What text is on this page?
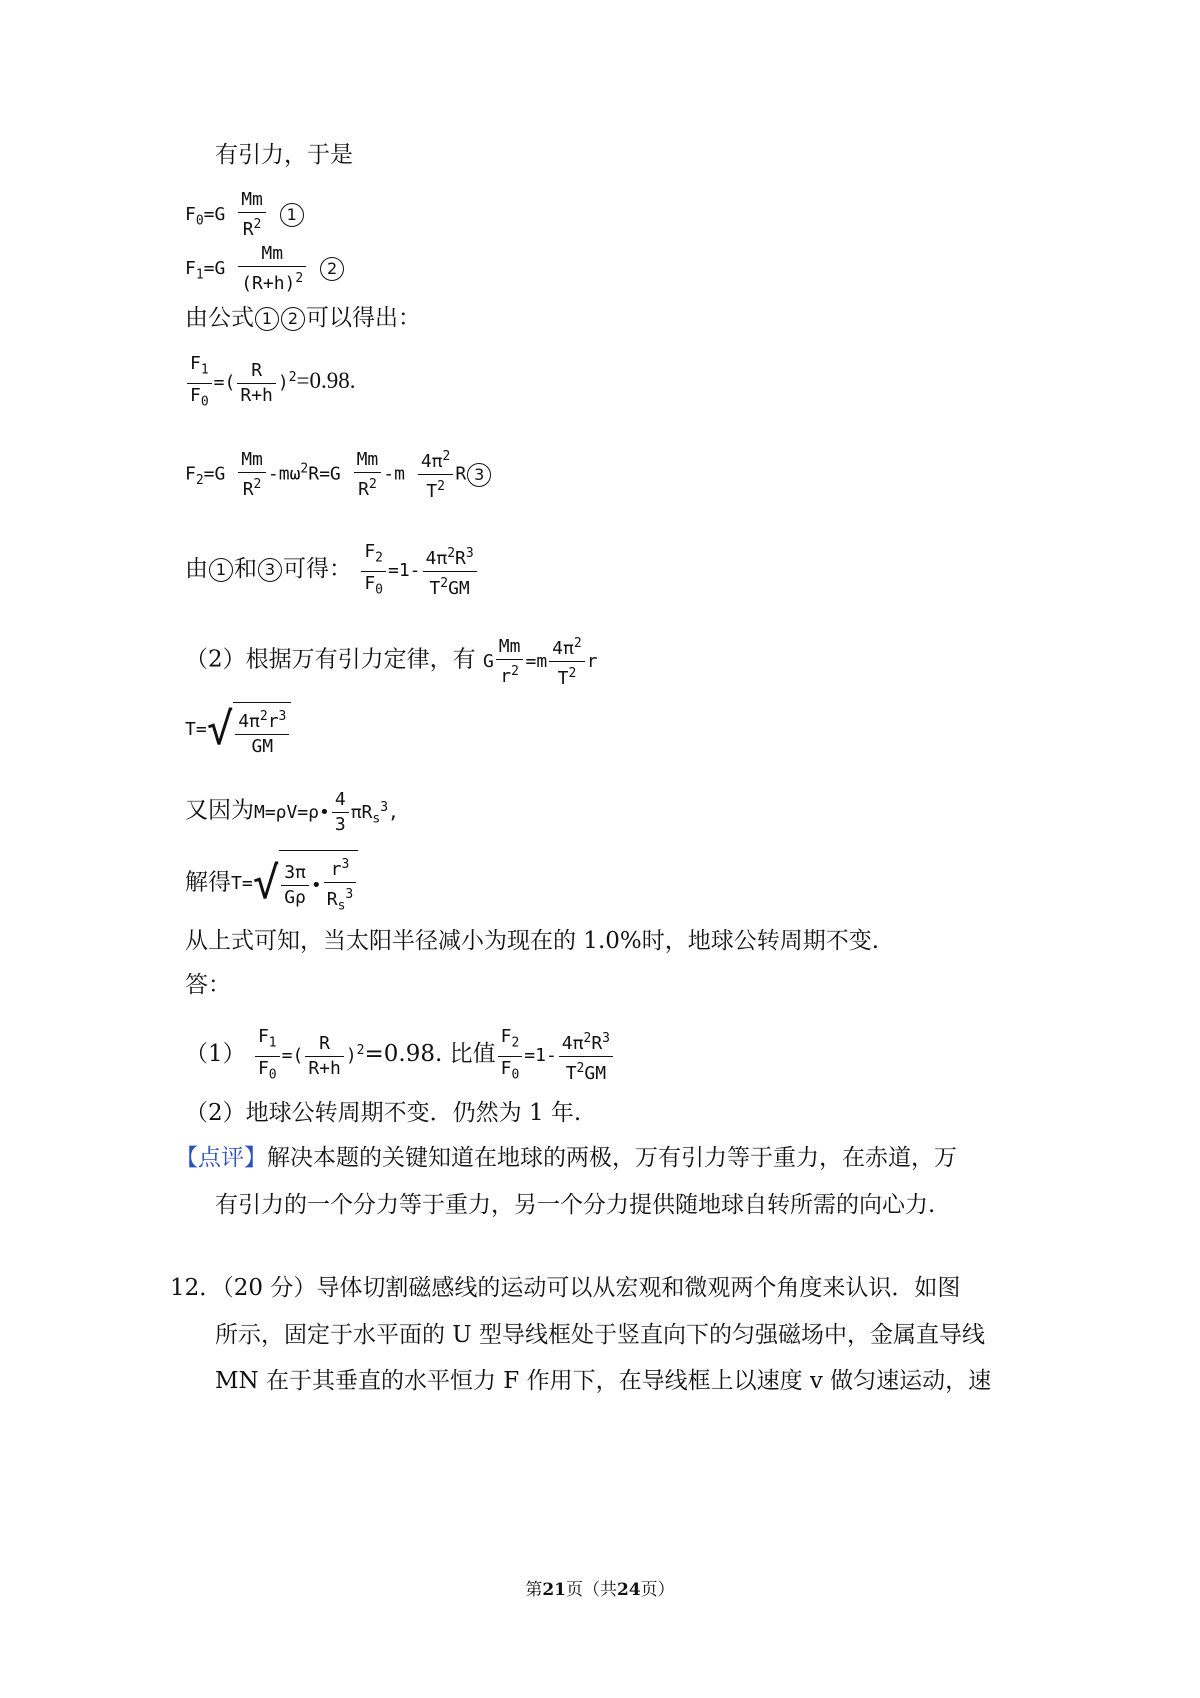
有引力，于是
$F_0=G \frac{Mm}{R^2} 1$
$F_1=G \frac{Mm}{(R+h)^2} 2$
由公式 1 2 可以得出：
$\frac{F_1}{F_0}$ =( $\frac{R}{R+h} )^2=0.98$.
$F_2=G \frac{Mm}{R^2} -m\omega^2R=G \frac{Mm}{R^2} -m \frac{4\pi^2}{T^2}$ R 3
由 1 和 3 可得： $\frac{F_2}{F_0} =1- \frac{4\pi^2R^3}{T^2GM}$
（2）根据万有引力定律，有 G $\frac{Mm}{r^2} =m \frac{4\pi^2}{T^2}$ r
$T=√ \frac{4\pi^2r^3}{GM}$
又因为M=ρV=ρ• $\frac{4}{3} \pi R_s^3$,
解得$T=√ \frac{3\pi}{G\rho}$ • $\frac{r^3}{R_s^3}$
从上式可知，当太阳半径减小为现在的 1.0%时，地球公转周期不变.
答：
$(1) \frac{F_1}{F_0}$ =( $\frac{R}{R+h} )^2=0.98$. 比值 $\frac{F_2}{F_0} =1- \frac{4\pi^2R^3}{T^2GM}$
（2）地球公转周期不变．仍然为 1 年.
【点评】解决本题的关键知道在地球的两极，万有引力等于重力，在赤道，万
有引力的一个分力等于重力，另一个分力提供随地球自转所需的向心力.
12．（20 分）导体切割磁感线的运动可以从宏观和微观两个角度来认识．如图
所示，固定于水平面的 U 型导线框处于竖直向下的匀强磁场中，金属直导线
MN 在于其垂直的水平恒力 F 作用下，在导线框上以速度 v 做匀速运动，速
第21页（共24页）
